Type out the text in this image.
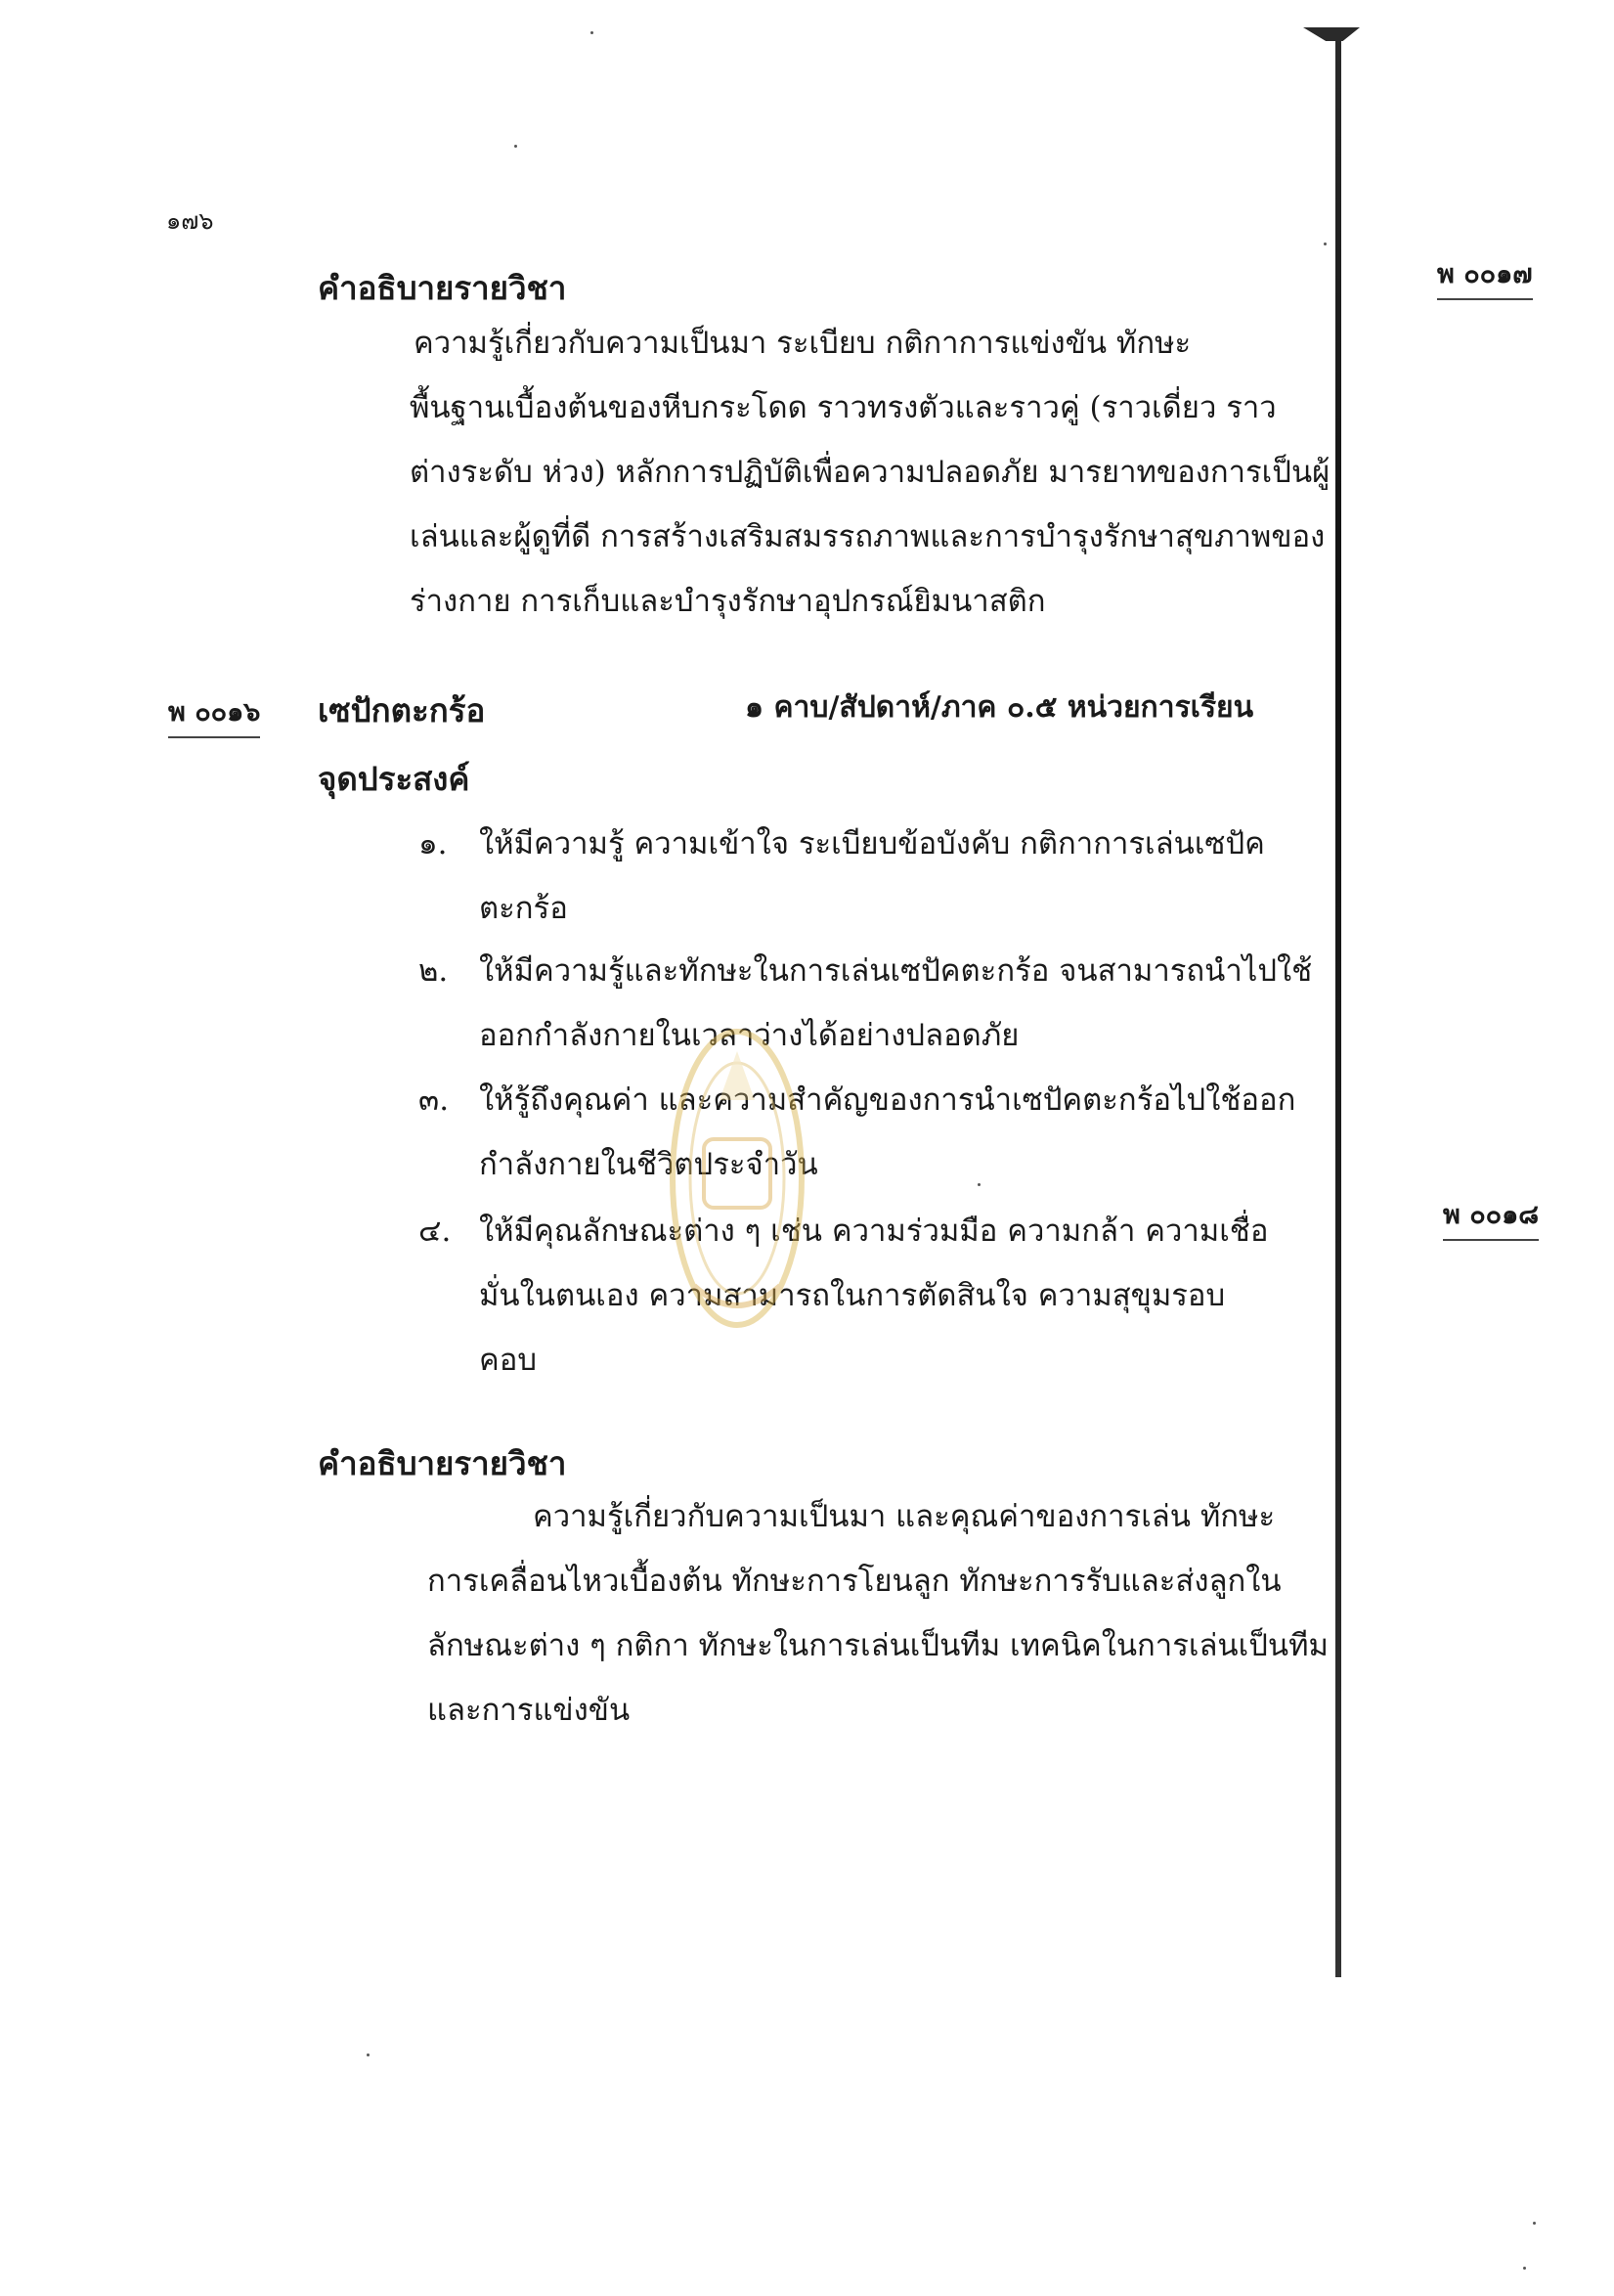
๑๗๖
คำอธิบายรายวิชา
ความรู้เกี่ยวกับความเป็นมา ระเบียบ กติกาการแข่งขัน ทักษะ
พื้นฐานเบื้องต้นของหีบกระโดด ราวทรงตัวและราวคู่ (ราวเดี่ยว ราว
ต่างระดับ ห่วง) หลักการปฏิบัติเพื่อความปลอดภัย มารยาทของการเป็นผู้
เล่นและผู้ดูที่ดี การสร้างเสริมสมรรถภาพและการบำรุงรักษาสุขภาพของ
ร่างกาย การเก็บและบำรุงรักษาอุปกรณ์ยิมนาสติก
พ ๐๐๑๖ เซปักตะกร้อ	๑ คาบ/สัปดาห์/ภาค ๐.๕ หน่วยการเรียน
จุดประสงค์
๑. ให้มีความรู้ ความเข้าใจ ระเบียบข้อบังคับ กติกาการเล่นเซปัค
ตะกร้อ
๒. ให้มีความรู้และทักษะในการเล่นเซปัคตะกร้อ จนสามารถนำไปใช้
ออกกำลังกายในเวลาว่างได้อย่างปลอดภัย
๓. ให้รู้ถึงคุณค่า และความสำคัญของการนำเซปัคตะกร้อไปใช้ออก
กำลังกายในชีวิตประจำวัน
๔. ให้มีคุณลักษณะต่าง ๆ เช่น ความร่วมมือ ความกล้า ความเชื่อ
มั่นในตนเอง ความสามารถในการตัดสินใจ ความสุขุมรอบ
คอบ
คำอธิบายรายวิชา
ความรู้เกี่ยวกับความเป็นมา และคุณค่าของการเล่น ทักษะ
การเคลื่อนไหวเบื้องต้น ทักษะการโยนลูก ทักษะการรับและส่งลูกใน
ลักษณะต่าง ๆ กติกา ทักษะในการเล่นเป็นทีม เทคนิคในการเล่นเป็นทีม
และการแข่งขัน
พ ๐๐๑๗
พ ๐๐๑๘
